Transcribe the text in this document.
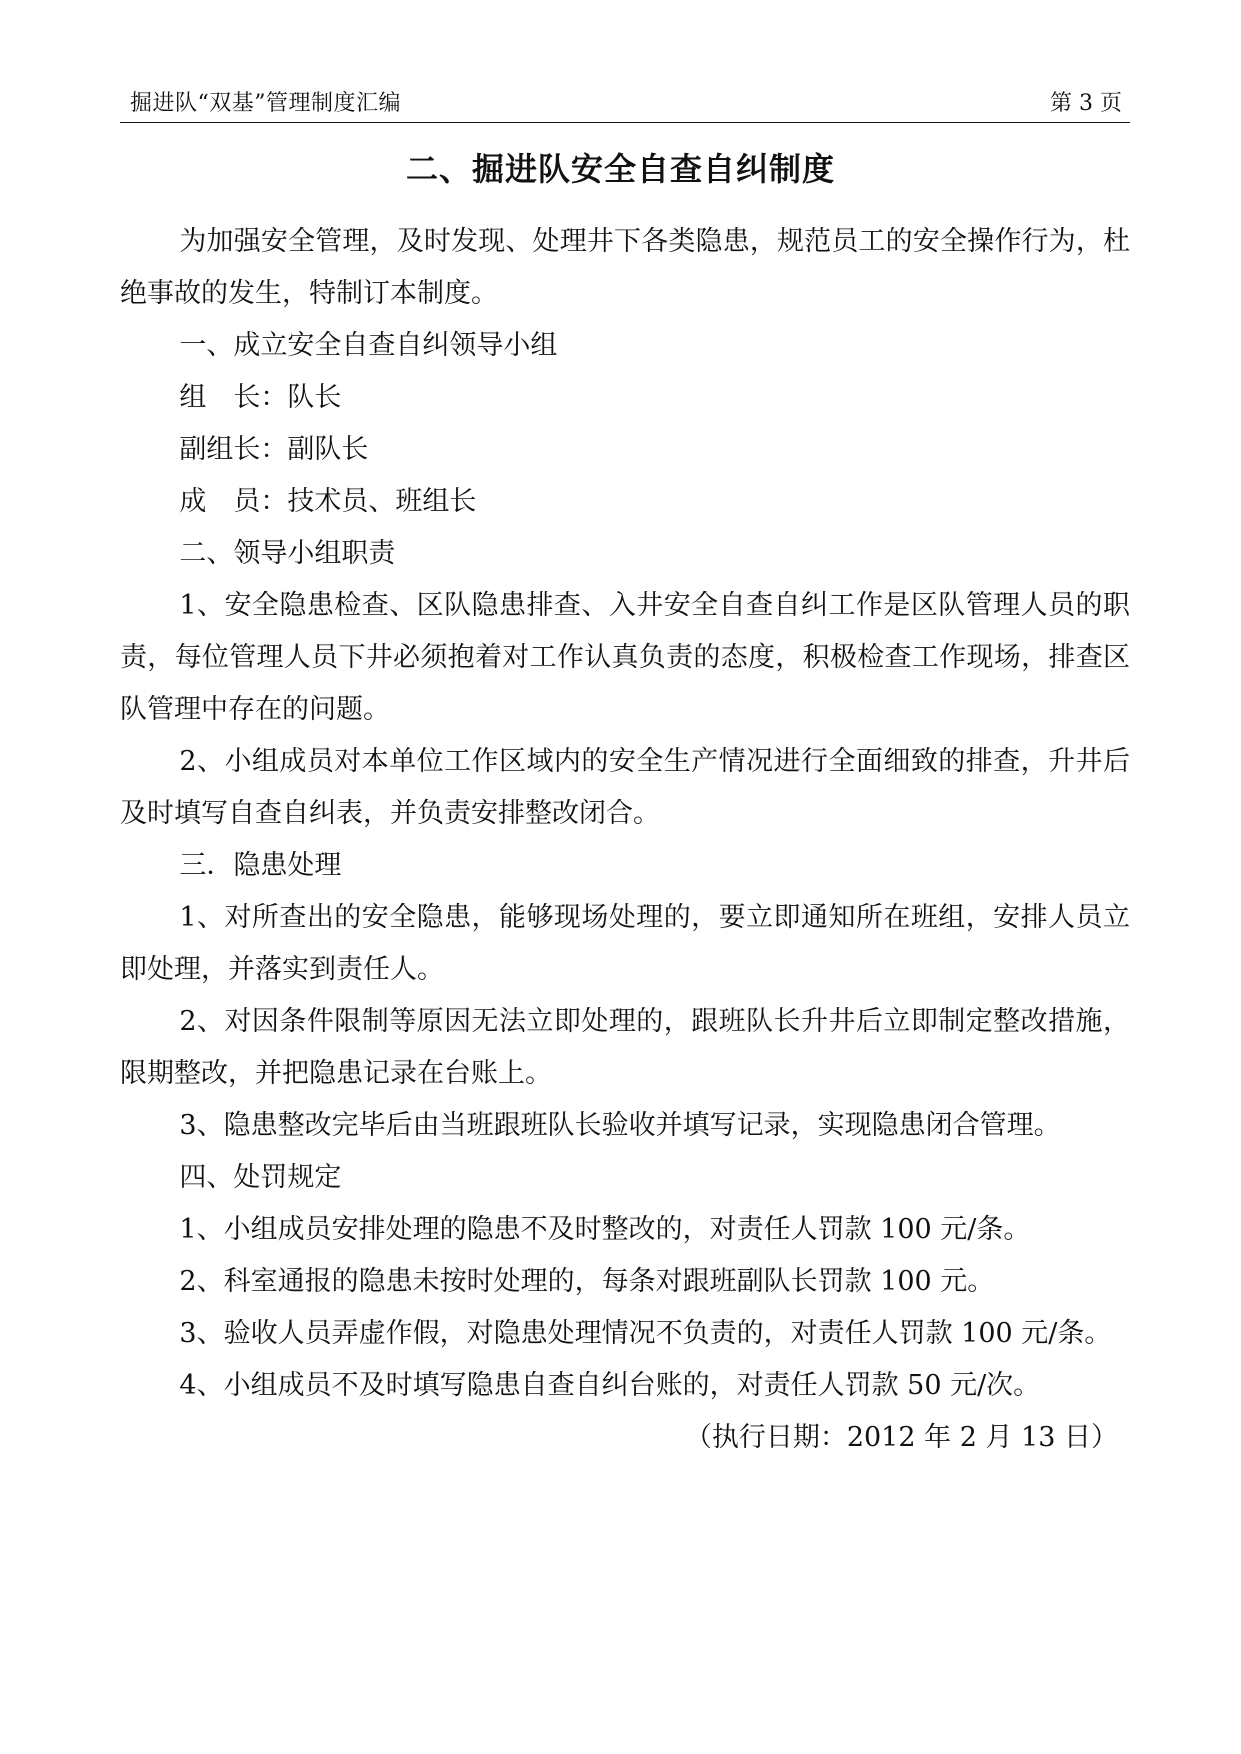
掘进队“双基”管理制度汇编	第 3 页
二、掘进队安全自查自纠制度

为加强安全管理，及时发现、处理井下各类隐患，规范员工的安全操作行为，杜绝事故的发生，特制订本制度。

一、成立安全自查自纠领导小组

组　长：队长

副组长：副队长

成　员：技术员、班组长

二、领导小组职责

1、安全隐患检查、区队隐患排查、入井安全自查自纠工作是区队管理人员的职责，每位管理人员下井必须抱着对工作认真负责的态度，积极检查工作现场，排查区队管理中存在的问题。

2、小组成员对本单位工作区域内的安全生产情况进行全面细致的排查，升井后及时填写自查自纠表，并负责安排整改闭合。

三．隐患处理

1、对所查出的安全隐患，能够现场处理的，要立即通知所在班组，安排人员立即处理，并落实到责任人。

2、对因条件限制等原因无法立即处理的，跟班队长升井后立即制定整改措施，限期整改，并把隐患记录在台账上。

3、隐患整改完毕后由当班跟班队长验收并填写记录，实现隐患闭合管理。

四、处罚规定

1、小组成员安排处理的隐患不及时整改的，对责任人罚款 100 元/条。

2、科室通报的隐患未按时处理的，每条对跟班副队长罚款 100 元。

3、验收人员弄虚作假，对隐患处理情况不负责的，对责任人罚款 100 元/条。

4、小组成员不及时填写隐患自查自纠台账的，对责任人罚款 50 元/次。

（执行日期：2012 年 2 月 13 日）
